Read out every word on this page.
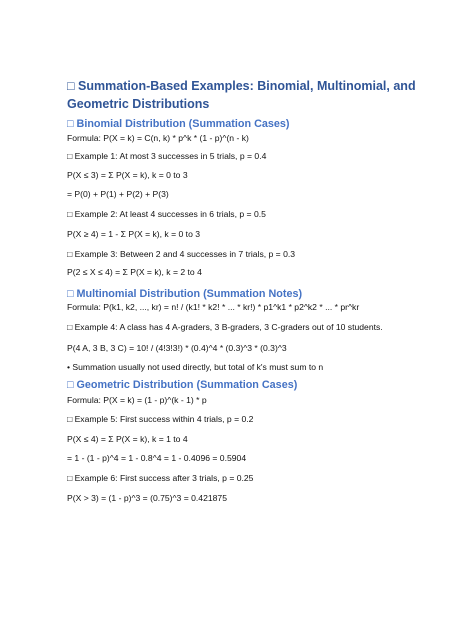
□ Summation-Based Examples: Binomial, Multinomial, and Geometric Distributions
□ Binomial Distribution (Summation Cases)
Formula: P(X = k) = C(n, k) * p^k * (1 - p)^(n - k)
□ Example 1: At most 3 successes in 5 trials, p = 0.4
P(X ≤ 3) = Σ P(X = k), k = 0 to 3
= P(0) + P(1) + P(2) + P(3)
□ Example 2: At least 4 successes in 6 trials, p = 0.5
P(X ≥ 4) = 1 - Σ P(X = k), k = 0 to 3
□ Example 3: Between 2 and 4 successes in 7 trials, p = 0.3
P(2 ≤ X ≤ 4) = Σ P(X = k), k = 2 to 4
□ Multinomial Distribution (Summation Notes)
Formula: P(k1, k2, ..., kr) = n! / (k1! * k2! * ... * kr!) * p1^k1 * p2^k2 * ... * pr^kr
□ Example 4: A class has 4 A-graders, 3 B-graders, 3 C-graders out of 10 students.
P(4 A, 3 B, 3 C) = 10! / (4!3!3!) * (0.4)^4 * (0.3)^3 * (0.3)^3
• Summation usually not used directly, but total of k's must sum to n
□ Geometric Distribution (Summation Cases)
Formula: P(X = k) = (1 - p)^(k - 1) * p
□ Example 5: First success within 4 trials, p = 0.2
P(X ≤ 4) = Σ P(X = k), k = 1 to 4
= 1 - (1 - p)^4 = 1 - 0.8^4 = 1 - 0.4096 = 0.5904
□ Example 6: First success after 3 trials, p = 0.25
P(X > 3) = (1 - p)^3 = (0.75)^3 = 0.421875
